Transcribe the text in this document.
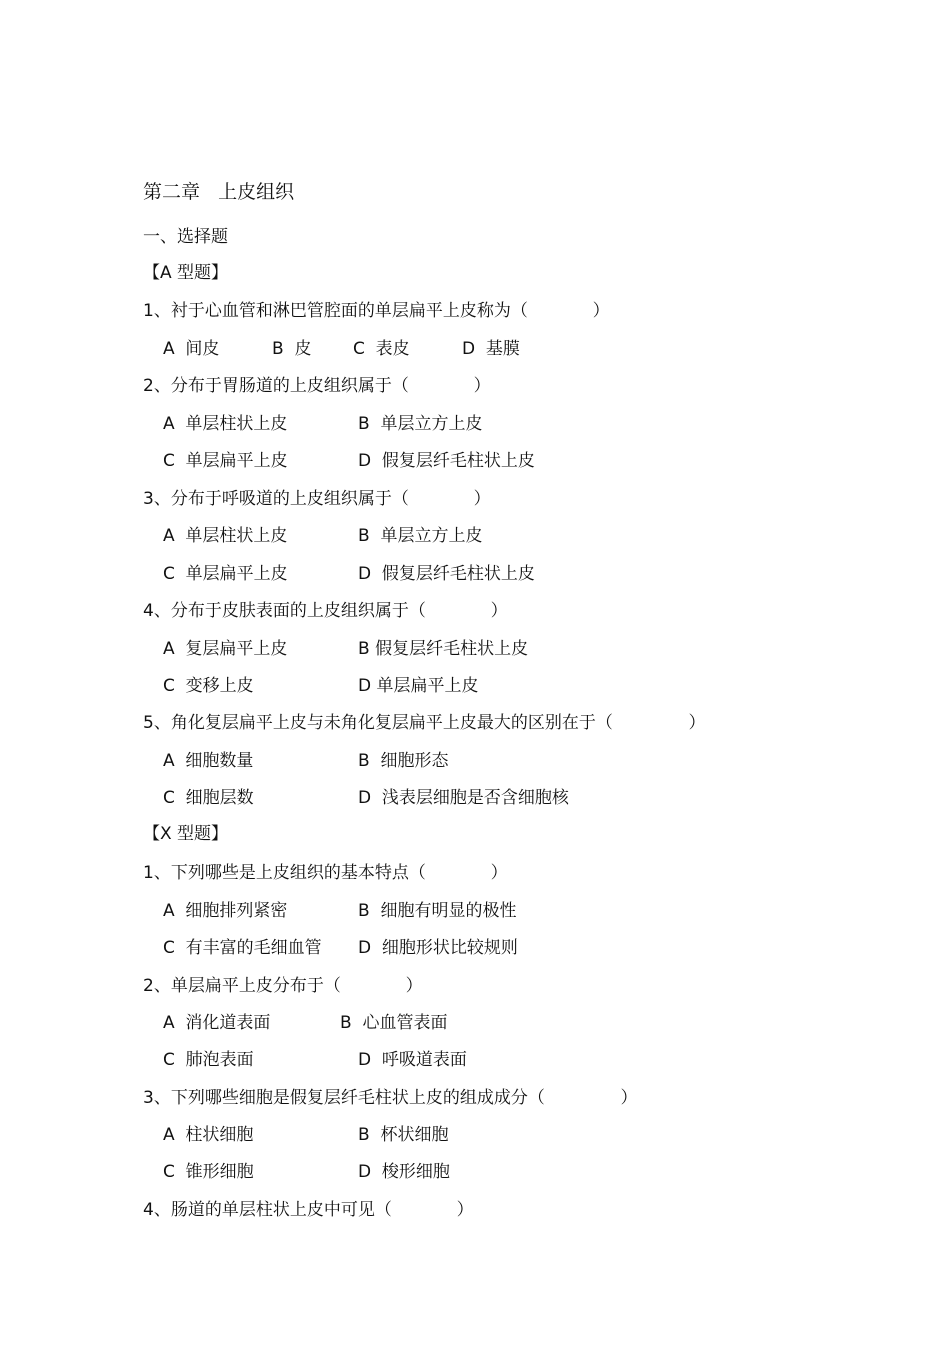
第二章   上皮组织
一、选择题
【A 型题】
1、衬于心血管和淋巴管腔面的单层扁平上皮称为（            ）
A  间皮	B  皮 C  表皮	D  基膜
2、分布于胃肠道的上皮组织属于（            ）
A  单层柱状上皮	B  单层立方上皮
C  单层扁平上皮	D  假复层纤毛柱状上皮
3、分布于呼吸道的上皮组织属于（            ）
A  单层柱状上皮	B  单层立方上皮
C  单层扁平上皮	D  假复层纤毛柱状上皮
4、分布于皮肤表面的上皮组织属于（            ）
A  复层扁平上皮	B 假复层纤毛柱状上皮
C  变移上皮	D 单层扁平上皮
5、角化复层扁平上皮与未角化复层扁平上皮最大的区别在于（              ）
A  细胞数量	B  细胞形态
C  细胞层数	D  浅表层细胞是否含细胞核
【X 型题】
1、下列哪些是上皮组织的基本特点（            ）
A  细胞排列紧密	B  细胞有明显的极性
C  有丰富的毛细血管 D  细胞形状比较规则
2、单层扁平上皮分布于（            ）
A  消化道表面	B  心血管表面
C  肺泡表面	D  呼吸道表面
3、下列哪些细胞是假复层纤毛柱状上皮的组成成分（              ）
A  柱状细胞	B  杯状细胞
C  锥形细胞	D  梭形细胞
4、肠道的单层柱状上皮中可见（            ）
